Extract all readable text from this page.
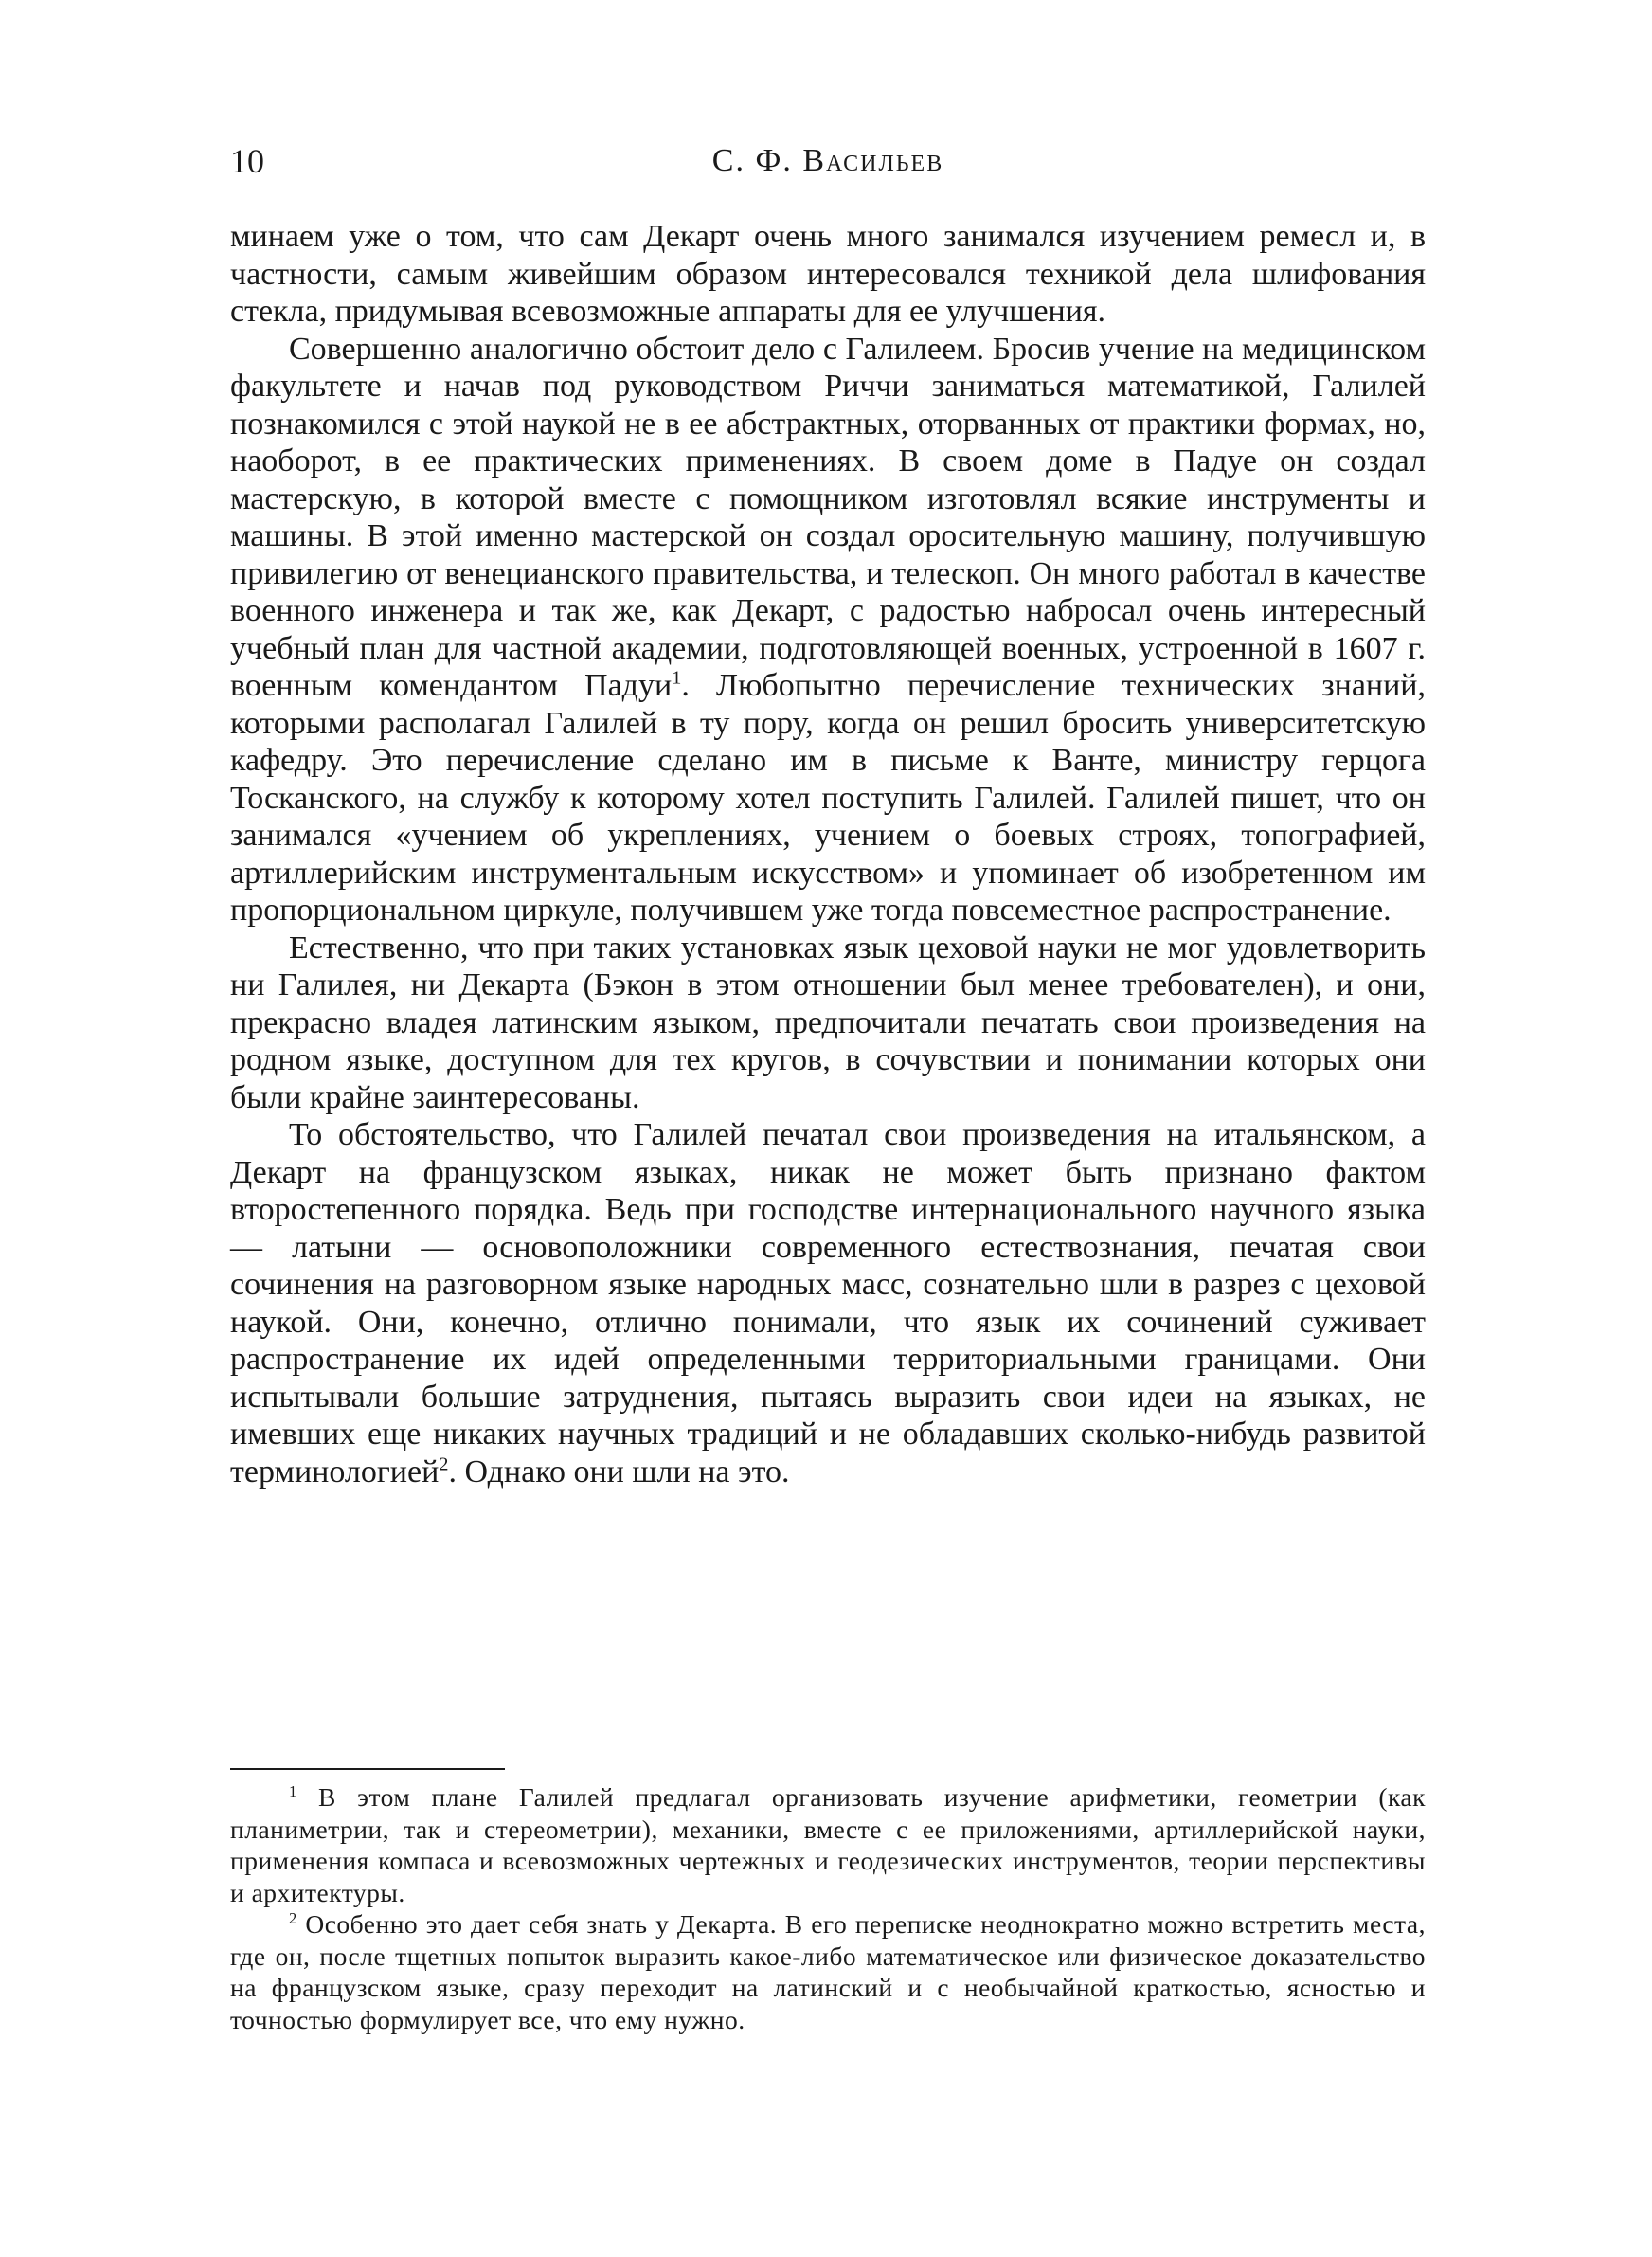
10	С. Ф. Васильев

минаем уже о том, что сам Декарт очень много занимался изучением ремесл и, в частности, самым живейшим образом интересовался техникой дела шлифования стекла, придумывая всевозможные аппараты для ее улучшения.

Совершенно аналогично обстоит дело с Галилеем. Бросив учение на медицинском факультете и начав под руководством Риччи заниматься математикой, Галилей познакомился с этой наукой не в ее абстрактных, оторванных от практики формах, но, наоборот, в ее практических применениях. В своем доме в Падуе он создал мастерскую, в которой вместе с помощником изготовлял всякие инструменты и машины. В этой именно мастерской он создал оросительную машину, получившую привилегию от венецианского правительства, и телескоп. Он много работал в качестве военного инженера и так же, как Декарт, с радостью набросал очень интересный учебный план для частной академии, подготовляющей военных, устроенной в 1607 г. военным комендантом Падуи$^1$. Любопытно перечисление технических знаний, которыми располагал Галилей в ту пору, когда он решил бросить университетскую кафедру. Это перечисление сделано им в письме к Ванте, министру герцога Тосканского, на службу к которому хотел поступить Галилей. Галилей пишет, что он занимался «учением об укреплениях, учением о боевых строях, топографией, артиллерийским инструментальным искусством» и упоминает об изобретенном им пропорциональном циркуле, получившем уже тогда повсеместное распространение.

Естественно, что при таких установках язык цеховой науки не мог удовлетворить ни Галилея, ни Декарта (Бэкон в этом отношении был менее требователен), и они, прекрасно владея латинским языком, предпочитали печатать свои произведения на родном языке, доступном для тех кругов, в сочувствии и понимании которых они были крайне заинтересованы.

То обстоятельство, что Галилей печатал свои произведения на итальянском, а Декарт на французском языках, никак не может быть признано фактом второстепенного порядка. Ведь при господстве интернационального научного языка — латыни — основоположники современного естествознания, печатая свои сочинения на разговорном языке народных масс, сознательно шли в разрез с цеховой наукой. Они, конечно, отлично понимали, что язык их сочинений суживает распространение их идей определенными территориальными границами. Они испытывали большие затруднения, пытаясь выразить свои идеи на языках, не имевших еще никаких научных традиций и не обладавших сколько-нибудь развитой терминологией$^2$. Однако они шли на это.

$^1$ В этом плане Галилей предлагал организовать изучение арифметики, геометрии (как планиметрии, так и стереометрии), механики, вместе с ее приложениями, артиллерийской науки, применения компаса и всевозможных чертежных и геодезических инструментов, теории перспективы и архитектуры.

$^2$ Особенно это дает себя знать у Декарта. В его переписке неоднократно можно встретить места, где он, после тщетных попыток выразить какое-либо математическое или физическое доказательство на французском языке, сразу переходит на латинский и с необычайной краткостью, ясностью и точностью формулирует все, что ему нужно.
